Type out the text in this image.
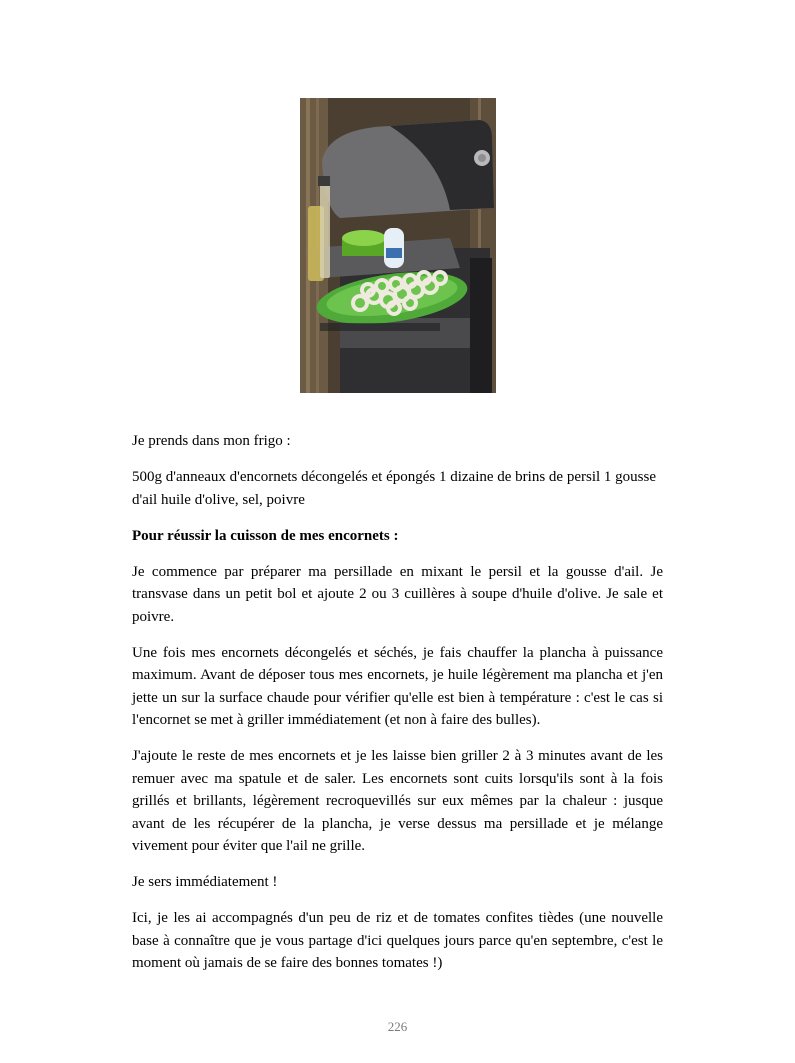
Je prends dans mon frigo :

500g d'anneaux d'encornets décongelés et épongés 1 dizaine de brins de persil 1 gousse d'ail huile d'olive, sel, poivre

Pour réussir la cuisson de mes encornets :

Je commence par préparer ma persillade en mixant le persil et la gousse d'ail. Je transvase dans un petit bol et ajoute 2 ou 3 cuillères à soupe d'huile d'olive. Je sale et poivre.

Une fois mes encornets décongelés et séchés, je fais chauffer la plancha à puissance maximum. Avant de déposer tous mes encornets, je huile légèrement ma plancha et j'en jette un sur la surface chaude pour vérifier qu'elle est bien à température : c'est le cas si l'encornet se met à griller immédiatement (et non à faire des bulles).

J'ajoute le reste de mes encornets et je les laisse bien griller 2 à 3 minutes avant de les remuer avec ma spatule et de saler. Les encornets sont cuits lorsqu'ils sont à la fois grillés et brillants, légèrement recroquevillés sur eux mêmes par la chaleur : jusque avant de les récupérer de la plancha, je verse dessus ma persillade et je mélange vivement pour éviter que l'ail ne grille.

Je sers immédiatement !

Ici, je les ai accompagnés d'un peu de riz et de tomates confites tièdes (une nouvelle base à connaître que je vous partage d'ici quelques jours parce qu'en septembre, c'est le moment où jamais de se faire des bonnes tomates !)

226
